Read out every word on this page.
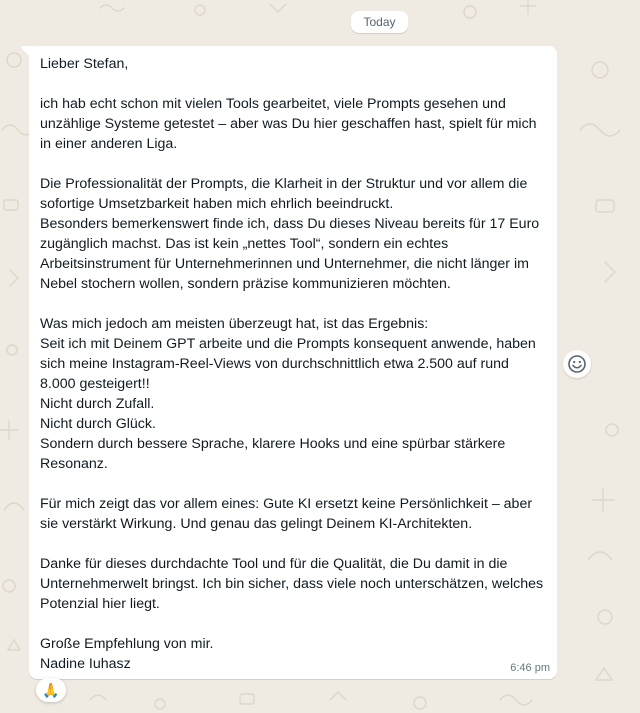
Today

Lieber Stefan,

ich hab echt schon mit vielen Tools gearbeitet, viele Prompts gesehen und unzählige Systeme getestet – aber was Du hier geschaffen hast, spielt für mich in einer anderen Liga.

Die Professionalität der Prompts, die Klarheit in der Struktur und vor allem die sofortige Umsetzbarkeit haben mich ehrlich beeindruckt.
Besonders bemerkenswert finde ich, dass Du dieses Niveau bereits für 17 Euro zugänglich machst. Das ist kein „nettes Tool“, sondern ein echtes Arbeitsinstrument für Unternehmerinnen und Unternehmer, die nicht länger im Nebel stochern wollen, sondern präzise kommunizieren möchten.

Was mich jedoch am meisten überzeugt hat, ist das Ergebnis:
Seit ich mit Deinem GPT arbeite und die Prompts konsequent anwende, haben sich meine Instagram-Reel-Views von durchschnittlich etwa 2.500 auf rund 8.000 gesteigert!!
Nicht durch Zufall.
Nicht durch Glück.
Sondern durch bessere Sprache, klarere Hooks und eine spürbar stärkere Resonanz.

Für mich zeigt das vor allem eines: Gute KI ersetzt keine Persönlichkeit – aber sie verstärkt Wirkung. Und genau das gelingt Deinem KI-Architekten.

Danke für dieses durchdachte Tool und für die Qualität, die Du damit in die Unternehmerwelt bringst. Ich bin sicher, dass viele noch unterschätzen, welches Potenzial hier liegt.

Große Empfehlung von mir.
Nadine Iuhasz	6:46 pm
🙏
